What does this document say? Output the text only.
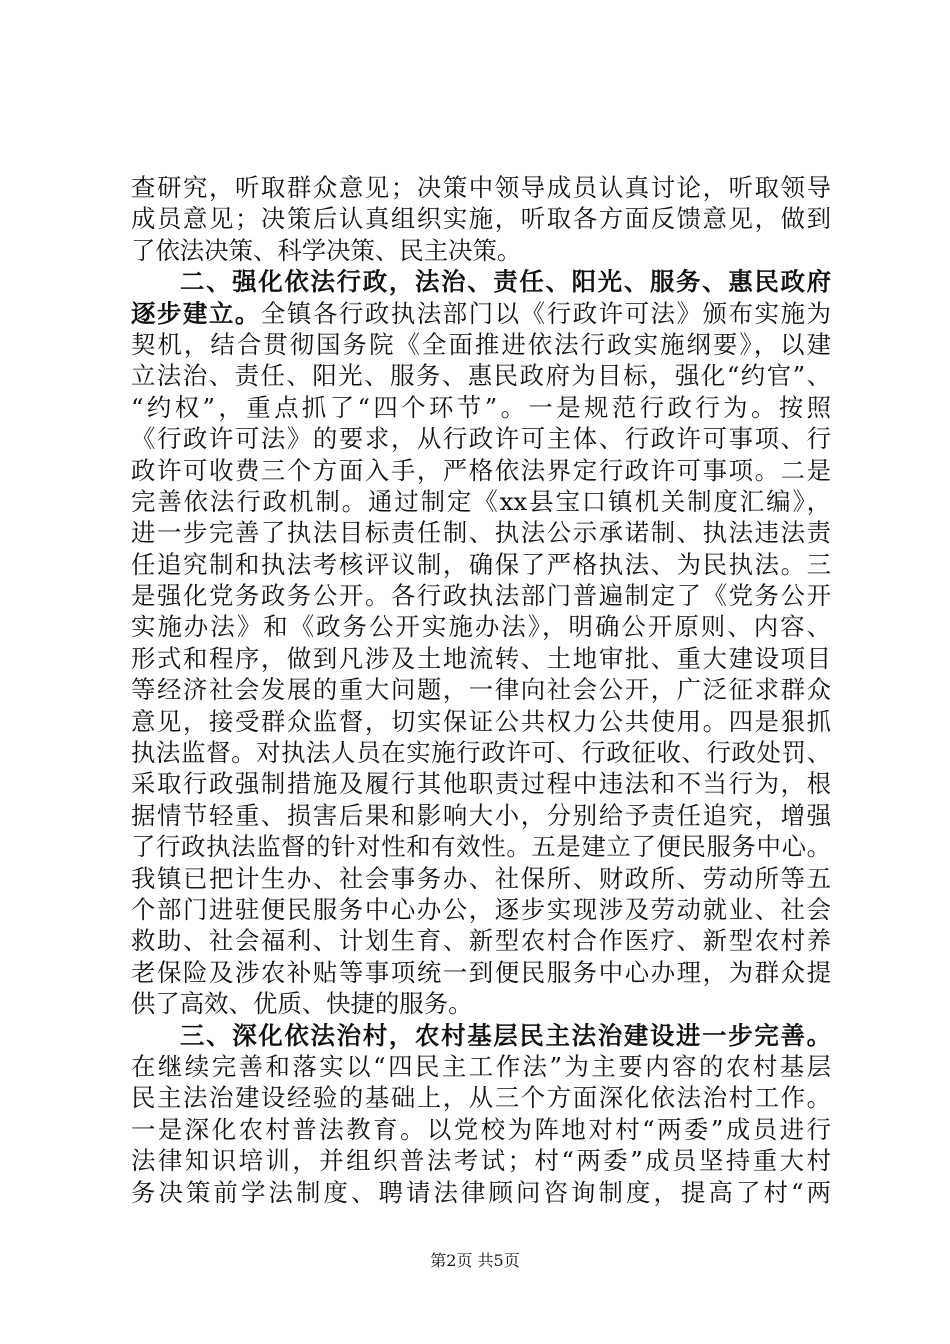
查研究，听取群众意见；决策中领导成员认真讨论，听取领导
成员意见；决策后认真组织实施，听取各方面反馈意见，做到
了依法决策、科学决策、民主决策。
二、强化依法行政，法治、责任、阳光、服务、惠民政府
逐步建立。全镇各行政执法部门以《行政许可法》颁布实施为
契机，结合贯彻国务院《全面推进依法行政实施纲要》，以建
立法治、责任、阳光、服务、惠民政府为目标，强化“约官”、
“约权”，重点抓了“四个环节”。一是规范行政行为。按照
《行政许可法》的要求，从行政许可主体、行政许可事项、行
政许可收费三个方面入手，严格依法界定行政许可事项。二是
完善依法行政机制。通过制定《xx县宝口镇机关制度汇编》，
进一步完善了执法目标责任制、执法公示承诺制、执法违法责
任追究制和执法考核评议制，确保了严格执法、为民执法。三
是强化党务政务公开。各行政执法部门普遍制定了《党务公开
实施办法》和《政务公开实施办法》，明确公开原则、内容、
形式和程序，做到凡涉及土地流转、土地审批、重大建设项目
等经济社会发展的重大问题，一律向社会公开，广泛征求群众
意见，接受群众监督，切实保证公共权力公共使用。四是狠抓
执法监督。对执法人员在实施行政许可、行政征收、行政处罚、
采取行政强制措施及履行其他职责过程中违法和不当行为，根
据情节轻重、损害后果和影响大小，分别给予责任追究，增强
了行政执法监督的针对性和有效性。五是建立了便民服务中心。
我镇已把计生办、社会事务办、社保所、财政所、劳动所等五
个部门进驻便民服务中心办公，逐步实现涉及劳动就业、社会
救助、社会福利、计划生育、新型农村合作医疗、新型农村养
老保险及涉农补贴等事项统一到便民服务中心办理，为群众提
供了高效、优质、快捷的服务。
三、深化依法治村，农村基层民主法治建设进一步完善。
在继续完善和落实以“四民主工作法”为主要内容的农村基层
民主法治建设经验的基础上，从三个方面深化依法治村工作。
一是深化农村普法教育。以党校为阵地对村“两委”成员进行
法律知识培训，并组织普法考试；村“两委”成员坚持重大村
务决策前学法制度、聘请法律顾问咨询制度，提高了村“两
第2页 共5页
